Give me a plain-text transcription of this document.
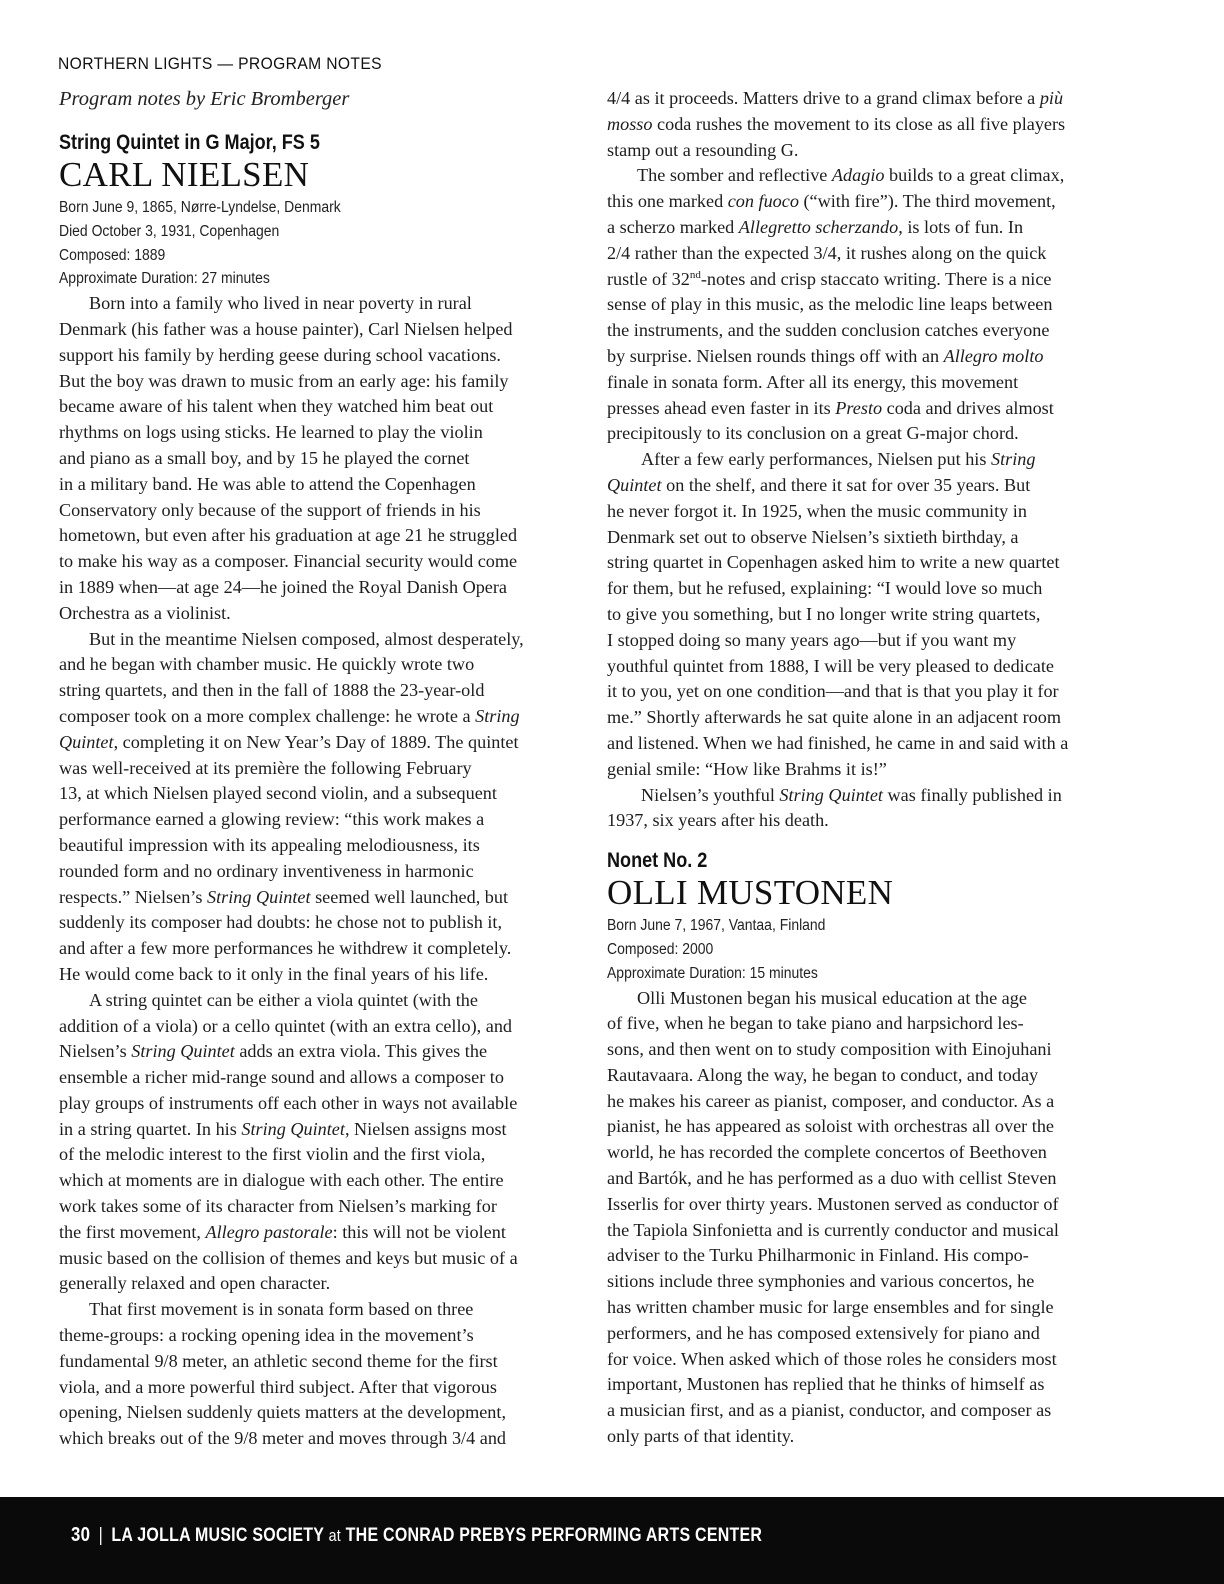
NORTHERN LIGHTS — PROGRAM NOTES
Program notes by Eric Bromberger
String Quintet in G Major, FS 5
CARL NIELSEN
Born June 9, 1865, Nørre-Lyndelse, Denmark
Died October 3, 1931, Copenhagen
Composed: 1889
Approximate Duration: 27 minutes
Born into a family who lived in near poverty in rural
Denmark (his father was a house painter), Carl Nielsen helped
support his family by herding geese during school vacations.
But the boy was drawn to music from an early age: his family
became aware of his talent when they watched him beat out
rhythms on logs using sticks. He learned to play the violin
and piano as a small boy, and by 15 he played the cornet
in a military band. He was able to attend the Copenhagen
Conservatory only because of the support of friends in his
hometown, but even after his graduation at age 21 he struggled
to make his way as a composer. Financial security would come
in 1889 when—at age 24—he joined the Royal Danish Opera
Orchestra as a violinist.
But in the meantime Nielsen composed, almost desperately,
and he began with chamber music. He quickly wrote two
string quartets, and then in the fall of 1888 the 23-year-old
composer took on a more complex challenge: he wrote a String
Quintet, completing it on New Year’s Day of 1889. The quintet
was well-received at its première the following February
13, at which Nielsen played second violin, and a subsequent
performance earned a glowing review: “this work makes a
beautiful impression with its appealing melodiousness, its
rounded form and no ordinary inventiveness in harmonic
respects.” Nielsen’s String Quintet seemed well launched, but
suddenly its composer had doubts: he chose not to publish it,
and after a few more performances he withdrew it completely.
He would come back to it only in the final years of his life.
A string quintet can be either a viola quintet (with the
addition of a viola) or a cello quintet (with an extra cello), and
Nielsen’s String Quintet adds an extra viola. This gives the
ensemble a richer mid-range sound and allows a composer to
play groups of instruments off each other in ways not available
in a string quartet. In his String Quintet, Nielsen assigns most
of the melodic interest to the first violin and the first viola,
which at moments are in dialogue with each other. The entire
work takes some of its character from Nielsen’s marking for
the first movement, Allegro pastorale: this will not be violent
music based on the collision of themes and keys but music of a
generally relaxed and open character.
That first movement is in sonata form based on three
theme-groups: a rocking opening idea in the movement’s
fundamental 9/8 meter, an athletic second theme for the first
viola, and a more powerful third subject. After that vigorous
opening, Nielsen suddenly quiets matters at the development,
which breaks out of the 9/8 meter and moves through 3/4 and
4/4 as it proceeds. Matters drive to a grand climax before a più
mosso coda rushes the movement to its close as all five players
stamp out a resounding G.
The somber and reflective Adagio builds to a great climax,
this one marked con fuoco (“with fire”). The third movement,
a scherzo marked Allegretto scherzando, is lots of fun. In
2/4 rather than the expected 3/4, it rushes along on the quick
rustle of 32nd-notes and crisp staccato writing. There is a nice
sense of play in this music, as the melodic line leaps between
the instruments, and the sudden conclusion catches everyone
by surprise. Nielsen rounds things off with an Allegro molto
finale in sonata form. After all its energy, this movement
presses ahead even faster in its Presto coda and drives almost
precipitously to its conclusion on a great G-major chord.
After a few early performances, Nielsen put his String
Quintet on the shelf, and there it sat for over 35 years. But
he never forgot it. In 1925, when the music community in
Denmark set out to observe Nielsen’s sixtieth birthday, a
string quartet in Copenhagen asked him to write a new quartet
for them, but he refused, explaining: “I would love so much
to give you something, but I no longer write string quartets,
I stopped doing so many years ago—but if you want my
youthful quintet from 1888, I will be very pleased to dedicate
it to you, yet on one condition—and that is that you play it for
me.” Shortly afterwards he sat quite alone in an adjacent room
and listened. When we had finished, he came in and said with a
genial smile: “How like Brahms it is!”
Nielsen’s youthful String Quintet was finally published in
1937, six years after his death.
Nonet No. 2
OLLI MUSTONEN
Born June 7, 1967, Vantaa, Finland
Composed: 2000
Approximate Duration: 15 minutes
Olli Mustonen began his musical education at the age
of five, when he began to take piano and harpsichord les-
sons, and then went on to study composition with Einojuhani
Rautavaara. Along the way, he began to conduct, and today
he makes his career as pianist, composer, and conductor. As a
pianist, he has appeared as soloist with orchestras all over the
world, he has recorded the complete concertos of Beethoven
and Bartók, and he has performed as a duo with cellist Steven
Isserlis for over thirty years. Mustonen served as conductor of
the Tapiola Sinfonietta and is currently conductor and musical
adviser to the Turku Philharmonic in Finland. His compo-
sitions include three symphonies and various concertos, he
has written chamber music for large ensembles and for single
performers, and he has composed extensively for piano and
for voice. When asked which of those roles he considers most
important, Mustonen has replied that he thinks of himself as
a musician first, and as a pianist, conductor, and composer as
only parts of that identity.
30 | LA JOLLA MUSIC SOCIETY at THE CONRAD PREBYS PERFORMING ARTS CENTER
